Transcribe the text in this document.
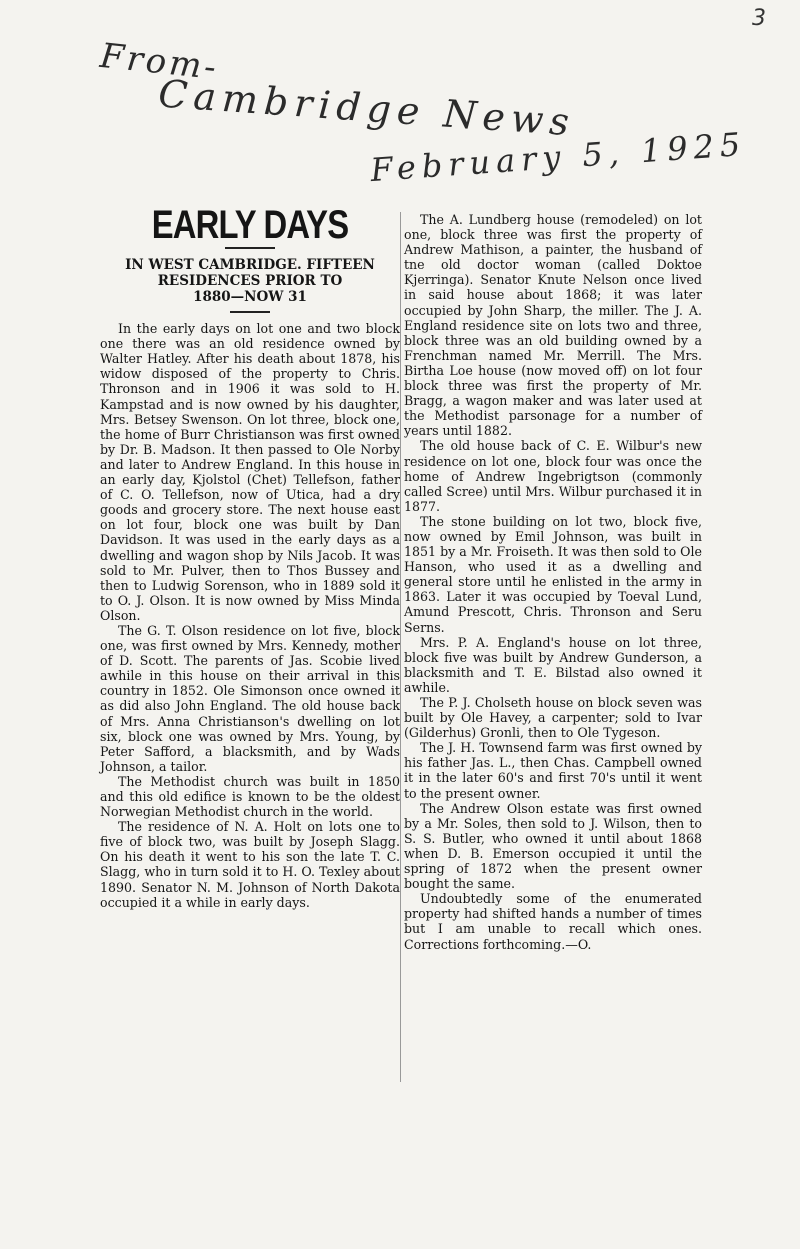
3
From-
Cambridge News
February 5, 1925
EARLY DAYS
IN WEST CAMBRIDGE. FIFTEEN
RESIDENCES PRIOR TO
1880—NOW 31

In the early days on lot one and two block one there was an old residence owned by Walter Hatley. After his death about 1878, his widow disposed of the property to Chris. Thronson and in 1906 it was sold to H. Kampstad and is now owned by his daughter, Mrs. Betsey Swenson. On lot three, block one, the home of Burr Christianson was first owned by Dr. B. Madson. It then passed to Ole Norby and later to Andrew England. In this house in an early day, Kjolstol (Chet) Tellefson, father of C. O. Tellefson, now of Utica, had a dry goods and grocery store. The next house east on lot four, block one was built by Dan Davidson. It was used in the early days as a dwelling and wagon shop by Nils Jacob. It was sold to Mr. Pulver, then to Thos Bussey and then to Ludwig Sorenson, who in 1889 sold it to O. J. Olson. It is now owned by Miss Minda Olson.

The G. T. Olson residence on lot five, block one, was first owned by Mrs. Kennedy, mother of D. Scott. The parents of Jas. Scobie lived awhile in this house on their arrival in this country in 1852. Ole Simonson once owned it as did also John England. The old house back of Mrs. Anna Christianson's dwelling on lot six, block one was owned by Mrs. Young, by Peter Safford, a blacksmith, and by Wads Johnson, a tailor.

The Methodist church was built in 1850 and this old edifice is known to be the oldest Norwegian Methodist church in the world.

The residence of N. A. Holt on lots one to five of block two, was built by Joseph Slagg. On his death it went to his son the late T. C. Slagg, who in turn sold it to H. O. Texley about 1890. Senator N. M. Johnson of North Dakota occupied it a while in early days.

The A. Lundberg house (remodeled) on lot one, block three was first the property of Andrew Mathison, a painter, the husband of tne old doctor woman (called Doktoe Kjerringa). Senator Knute Nelson once lived in said house about 1868; it was later occupied by John Sharp, the miller. The J. A. England residence site on lots two and three, block three was an old building owned by a Frenchman named Mr. Merrill. The Mrs. Birtha Loe house (now moved off) on lot four block three was first the property of Mr. Bragg, a wagon maker and was later used at the Methodist parsonage for a number of years until 1882.

The old house back of C. E. Wilbur's new residence on lot one, block four was once the home of Andrew Ingebrigtson (commonly called Scree) until Mrs. Wilbur purchased it in 1877.

The stone building on lot two, block five, now owned by Emil Johnson, was built in 1851 by a Mr. Froiseth. It was then sold to Ole Hanson, who used it as a dwelling and general store until he enlisted in the army in 1863. Later it was occupied by Toeval Lund, Amund Prescott, Chris. Thronson and Seru Serns.

Mrs. P. A. England's house on lot three, block five was built by Andrew Gunderson, a blacksmith and T. E. Bilstad also owned it awhile.

The P. J. Cholseth house on block seven was built by Ole Havey, a carpenter; sold to Ivar (Gilderhus) Gronli, then to Ole Tygeson.

The J. H. Townsend farm was first owned by his father Jas. L., then Chas. Campbell owned it in the later 60's and first 70's until it went to the present owner.

The Andrew Olson estate was first owned by a Mr. Soles, then sold to J. Wilson, then to S. S. Butler, who owned it until about 1868 when D. B. Emerson occupied it until the spring of 1872 when the present owner bought the same.

Undoubtedly some of the enumerated property had shifted hands a number of times but I am unable to recall which ones. Corrections forthcoming.—O.
